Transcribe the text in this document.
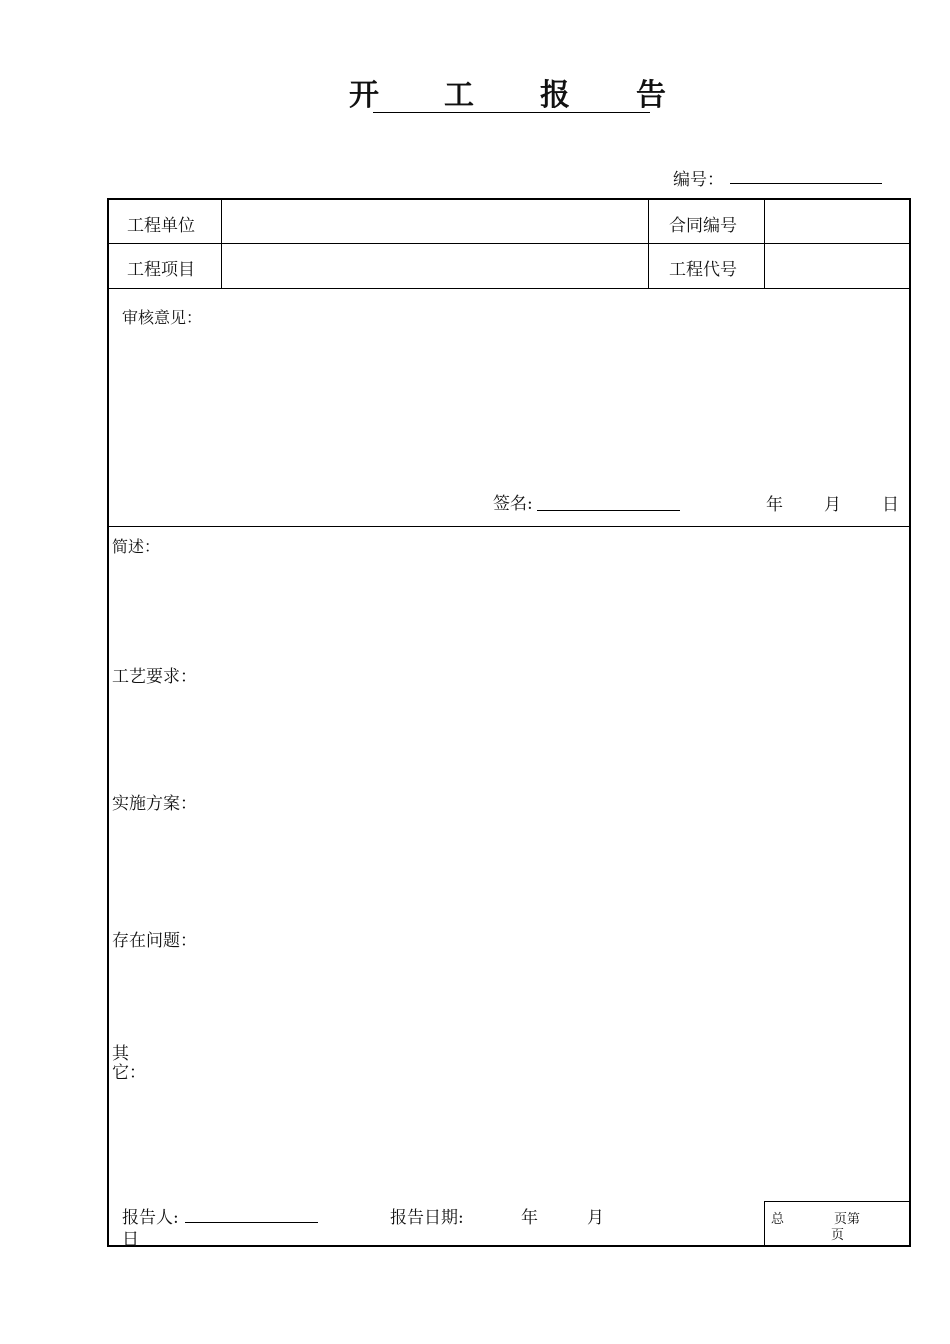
开 工 报 告
编号：
工程单位	合同编号
工程项目	工程代号
审核意见：
签名:	年 月 日
简述：
工艺要求：
实施方案：
存在问题：
其
它：
报告人:
日
报告日期:	年	月	总	页第
页
